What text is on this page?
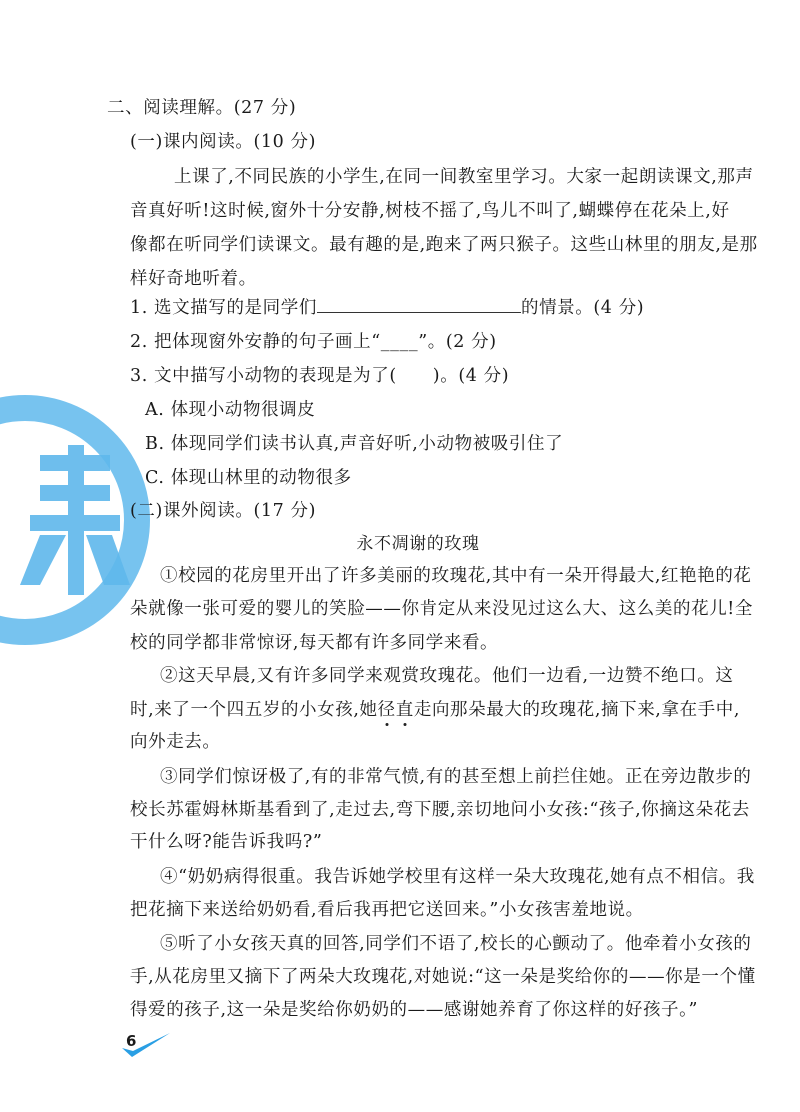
二、阅读理解。(27 分)
(一)课内阅读。(10 分)
上课了,不同民族的小学生,在同一间教室里学习。大家一起朗读课文,那声
音真好听!这时候,窗外十分安静,树枝不摇了,鸟儿不叫了,蝴蝶停在花朵上,好
像都在听同学们读课文。最有趣的是,跑来了两只猴子。这些山林里的朋友,是那
样好奇地听着。
1. 选文描写的是同学们	的情景。(4 分)
2. 把体现窗外安静的句子画上“____”。(2 分)
3. 文中描写小动物的表现是为了( )。(4 分)
A. 体现小动物很调皮
B. 体现同学们读书认真,声音好听,小动物被吸引住了
C. 体现山林里的动物很多
(二)课外阅读。(17 分)
永不凋谢的玫瑰
①校园的花房里开出了许多美丽的玫瑰花,其中有一朵开得最大,红艳艳的花
朵就像一张可爱的婴儿的笑脸——你肯定从来没见过这么大、这么美的花儿!全
校的同学都非常惊讶,每天都有许多同学来看。
②这天早晨,又有许多同学来观赏玫瑰花。他们一边看,一边赞不绝口。这
时,来了一个四五岁的小女孩,她径
直
走向那朵最大的玫瑰花,摘下来,拿在手中,
向外走去。
③同学们惊讶极了,有的非常气愤,有的甚至想上前拦住她。正在旁边散步的
校长苏霍姆林斯基看到了,走过去,弯下腰,亲切地问小女孩:“孩子,你摘这朵花去
干什么呀?能告诉我吗?”
④“奶奶病得很重。我告诉她学校里有这样一朵大玫瑰花,她有点不相信。我
把花摘下来送给奶奶看,看后我再把它送回来。”小女孩害羞地说。
⑤听了小女孩天真的回答,同学们不语了,校长的心颤动了。他牵着小女孩的
手,从花房里又摘下了两朵大玫瑰花,对她说:“这一朵是奖给你的——你是一个懂
得爱的孩子,这一朵是奖给你奶奶的——感谢她养育了你这样的好孩子。”
6
